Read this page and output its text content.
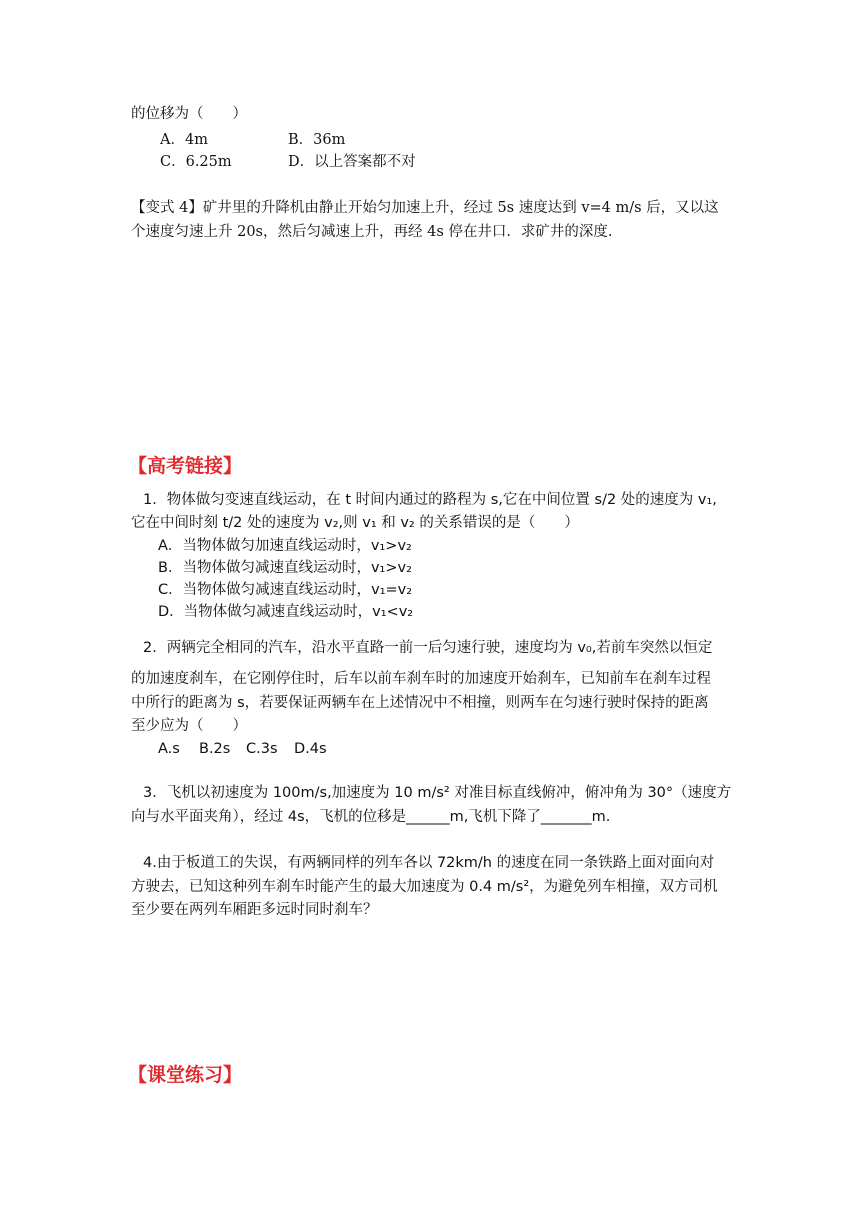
的位移为（　　）
A．4m	B．36m
C．6.25m	D．以上答案都不对
【变式 4】矿井里的升降机由静止开始匀加速上升，经过 5s 速度达到 v=4 m/s 后，又以这
个速度匀速上升 20s，然后匀减速上升，再经 4s 停在井口．求矿井的深度.
【高考链接】
1．物体做匀变速直线运动，在 t 时间内通过的路程为 s,它在中间位置 s/2 处的速度为 v₁,
它在中间时刻 t/2 处的速度为 v₂,则 v₁ 和 v₂ 的关系错误的是（　　）
A．当物体做匀加速直线运动时，v₁>v₂
B．当物体做匀减速直线运动时，v₁>v₂
C．当物体做匀减速直线运动时，v₁=v₂
D．当物体做匀减速直线运动时，v₁<v₂
2．两辆完全相同的汽车，沿水平直路一前一后匀速行驶，速度均为 v₀,若前车突然以恒定
的加速度刹车，在它刚停住时，后车以前车刹车时的加速度开始刹车，已知前车在刹车过程
中所行的距离为 s，若要保证两辆车在上述情况中不相撞，则两车在匀速行驶时保持的距离
至少应为（　　）
A.s B.2s C.3s D.4s
3．飞机以初速度为 100m/s,加速度为 10 m/s² 对准目标直线俯冲，俯冲角为 30°（速度方
向与水平面夹角），经过 4s，飞机的位移是______m,飞机下降了_______m.
4.由于板道工的失误，有两辆同样的列车各以 72km/h 的速度在同一条铁路上面对面向对
方驶去，已知这种列车刹车时能产生的最大加速度为 0.4 m/s²，为避免列车相撞，双方司机
至少要在两列车厢距多远时同时刹车？
【课堂练习】
